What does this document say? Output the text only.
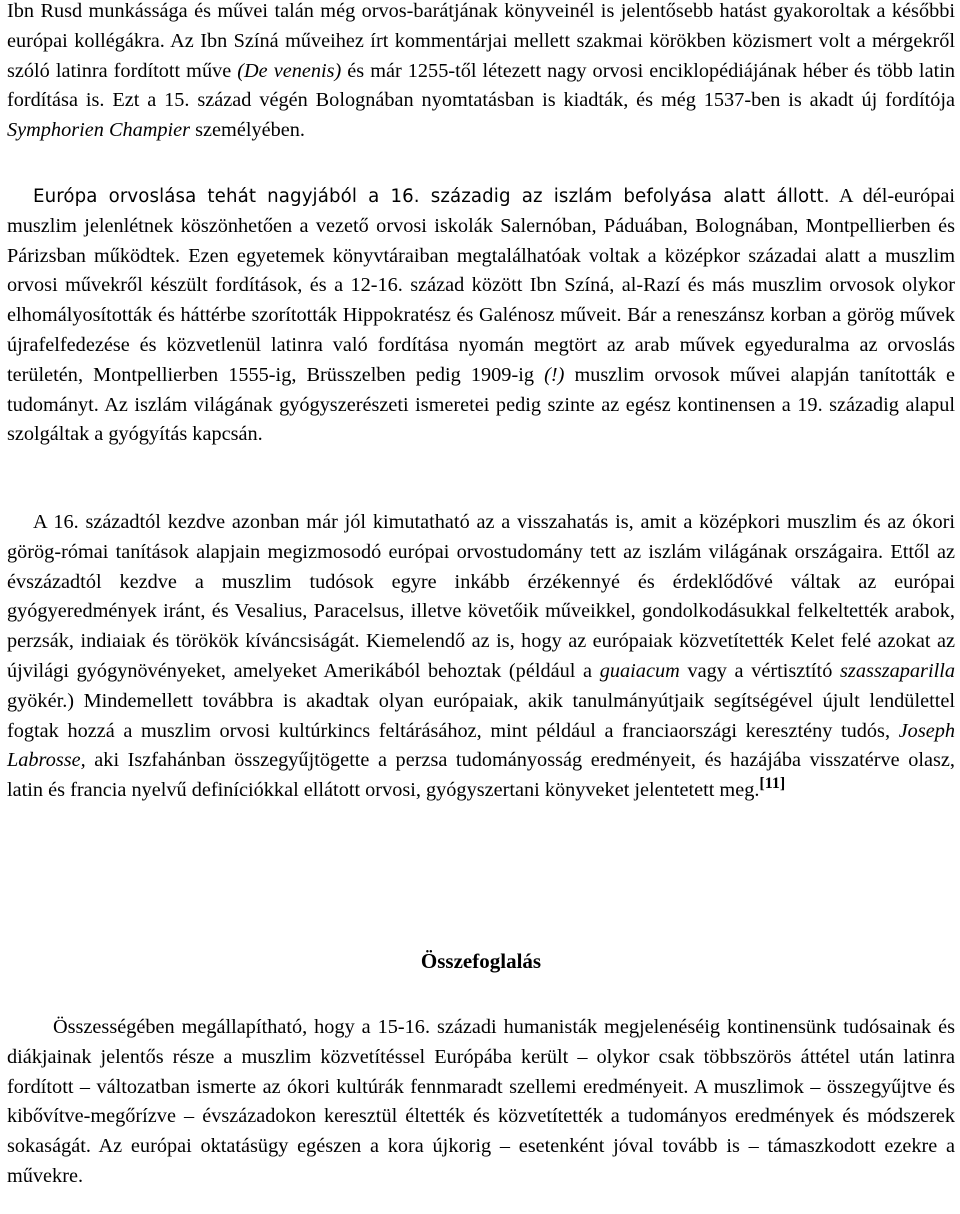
Ibn Rusd munkássága és művei talán még orvos-barátjának könyveinél is jelentősebb hatást gyakoroltak a későbbi európai kollégákra. Az Ibn Színá műveihez írt kommentárjai mellett szakmai körökben közismert volt a mérgekről szóló latinra fordított műve (De venenis) és már 1255-től létezett nagy orvosi enciklopédiájának héber és több latin fordítása is. Ezt a 15. század végén Bolognában nyomtatásban is kiadták, és még 1537-ben is akadt új fordítója Symphorien Champier személyében.

Európa orvoslása tehát nagyjából a 16. századig az iszlám befolyása alatt állott. A dél-európai muszlim jelenlétnek köszönhetően a vezető orvosi iskolák Salernóban, Páduában, Bolognában, Montpellierben és Párizsban működtek. Ezen egyetemek könyvtáraiban megtalálhatóak voltak a középkor századai alatt a muszlim orvosi művekről készült fordítások, és a 12-16. század között Ibn Színá, al-Razí és más muszlim orvosok olykor elhomályosították és háttérbe szorították Hippokratész és Galénosz műveit. Bár a reneszánsz korban a görög művek újrafelfedezése és közvetlenül latinra való fordítása nyomán megtört az arab művek egyeduralma az orvoslás területén, Montpellierben 1555-ig, Brüsszelben pedig 1909-ig (!) muszlim orvosok művei alapján tanították e tudományt. Az iszlám világának gyógyszerészeti ismeretei pedig szinte az egész kontinensen a 19. századig alapul szolgáltak a gyógyítás kapcsán.

A 16. századtól kezdve azonban már jól kimutatható az a visszahatás is, amit a középkori muszlim és az ókori görög-római tanítások alapjain megizmosodó európai orvostudomány tett az iszlám világának országaira. Ettől az évszázadtól kezdve a muszlim tudósok egyre inkább érzékennyé és érdeklődővé váltak az európai gyógyeredmények iránt, és Vesalius, Paracelsus, illetve követőik műveikkel, gondolkodásukkal felkeltették arabok, perzsák, indiaiak és törökök kíváncsiságát. Kiemelendő az is, hogy az európaiak közvetítették Kelet felé azokat az újvilági gyógynövényeket, amelyeket Amerikából behoztak (például a guaiacum vagy a vértisztító szasszaparilla gyökér.) Mindemellett továbbra is akadtak olyan európaiak, akik tanulmányútjaik segítségével újult lendülettel fogtak hozzá a muszlim orvosi kultúrkincs feltárásához, mint például a franciaországi keresztény tudós, Joseph Labrosse, aki Iszfahánban összegyűjtögette a perzsa tudományosság eredményeit, és hazájába visszatérve olasz, latin és francia nyelvű definíciókkal ellátott orvosi, gyógyszertani könyveket jelentetett meg.[11]

Összefoglalás

Összességében megállapítható, hogy a 15-16. századi humanisták megjelenéséig kontinensünk tudósainak és diákjainak jelentős része a muszlim közvetítéssel Európába került – olykor csak többszörös áttétel után latinra fordított – változatban ismerte az ókori kultúrák fennmaradt szellemi eredményeit. A muszlimok – összegyűjtve és kibővítve-megőrízve – évszázadokon keresztül éltették és közvetítették a tudományos eredmények és módszerek sokaságát. Az európai oktatásügy egészen a kora újkorig – esetenként jóval tovább is – támaszkodott ezekre a művekre.
